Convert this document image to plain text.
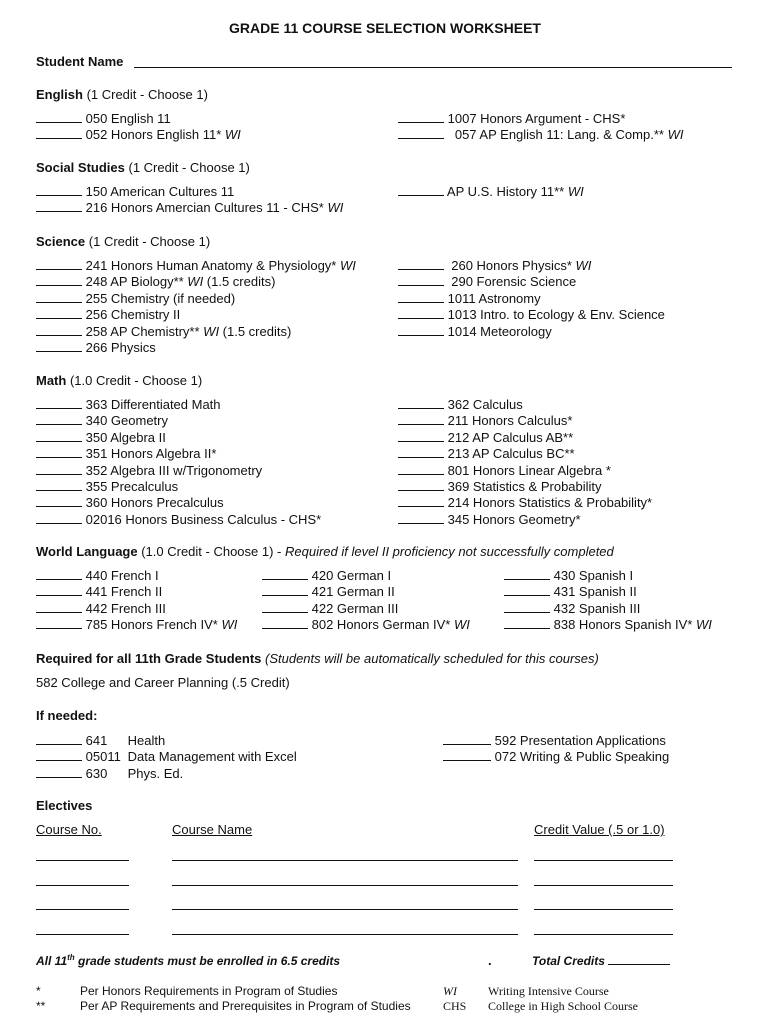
GRADE 11 COURSE SELECTION WORKSHEET
Student Name
English (1 Credit - Choose 1)
050 English 11
052 Honors English 11* WI
1007 Honors Argument - CHS*
057 AP English 11: Lang. & Comp.** WI
Social Studies (1 Credit - Choose 1)
150 American Cultures 11
216 Honors Amercian Cultures 11 - CHS* WI
AP U.S. History 11** WI
Science (1 Credit - Choose 1)
241 Honors Human Anatomy & Physiology* WI
248 AP Biology** WI (1.5 credits)
255 Chemistry (if needed)
256 Chemistry II
258 AP Chemistry** WI (1.5 credits)
266 Physics
260 Honors Physics* WI
290 Forensic Science
1011 Astronomy
1013 Intro. to Ecology & Env. Science
1014 Meteorology
Math (1.0 Credit - Choose 1)
363 Differentiated Math
340 Geometry
350 Algebra II
351 Honors Algebra II*
352 Algebra III w/Trigonometry
355 Precalculus
360 Honors Precalculus
02016 Honors Business Calculus - CHS*
362 Calculus
211 Honors Calculus*
212 AP Calculus AB**
213 AP Calculus BC**
801 Honors Linear Algebra *
369 Statistics & Probability
214 Honors Statistics & Probability*
345 Honors Geometry*
World Language (1.0 Credit - Choose 1) - Required if level II proficiency not successfully completed
440 French I
441 French II
442 French III
785 Honors French IV* WI
420 German I
421 German II
422 German III
802 Honors German IV* WI
430 Spanish I
431 Spanish II
432 Spanish III
838 Honors Spanish IV* WI
Required for all 11th Grade Students (Students will be automatically scheduled for this courses)
582 College and Career Planning (.5 Credit)
If needed:
641 Health
05011 Data Management with Excel
630 Phys. Ed.
592 Presentation Applications
072 Writing & Public Speaking
Electives
Course No.	Course Name	Credit Value (.5 or 1.0)
All 11th grade students must be enrolled in 6.5 credits	.	Total Credits
*	Per Honors Requirements in Program of Studies	WI	Writing Intensive Course
**	Per AP Requirements and Prerequisites in Program of Studies	CHS College in High School Course
